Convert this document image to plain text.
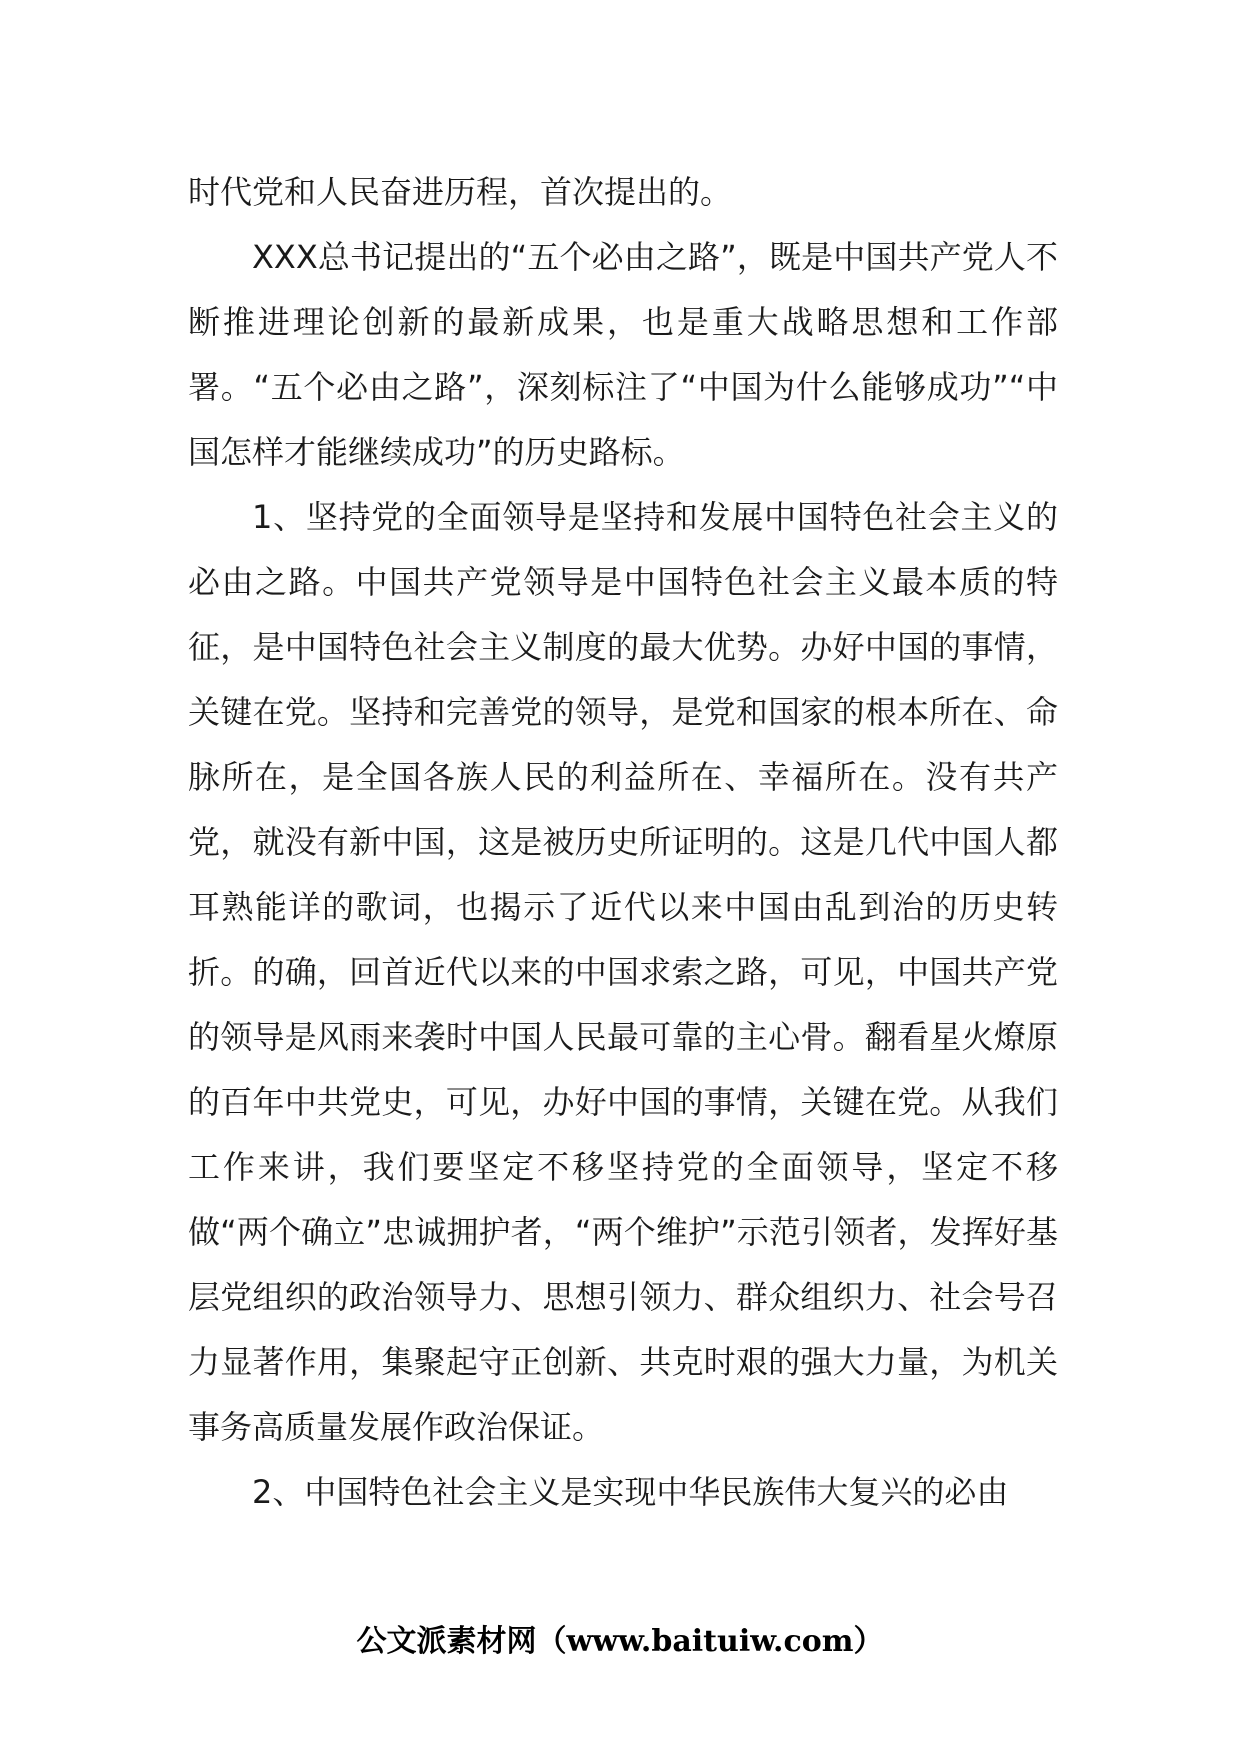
时代党和人民奋进历程，首次提出的。

XXX总书记提出的“五个必由之路”，既是中国共产党人不断推进理论创新的最新成果，也是重大战略思想和工作部署。“五个必由之路”，深刻标注了“中国为什么能够成功”“中国怎样才能继续成功”的历史路标。

1、坚持党的全面领导是坚持和发展中国特色社会主义的必由之路。中国共产党领导是中国特色社会主义最本质的特征，是中国特色社会主义制度的最大优势。办好中国的事情，关键在党。坚持和完善党的领导，是党和国家的根本所在、命脉所在，是全国各族人民的利益所在、幸福所在。没有共产党，就没有新中国，这是被历史所证明的。这是几代中国人都耳熟能详的歌词，也揭示了近代以来中国由乱到治的历史转折。的确，回首近代以来的中国求索之路，可见，中国共产党的领导是风雨来袭时中国人民最可靠的主心骨。翻看星火燎原的百年中共党史，可见，办好中国的事情，关键在党。从我们工作来讲，我们要坚定不移坚持党的全面领导，坚定不移做“两个确立”忠诚拥护者，“两个维护”示范引领者，发挥好基层党组织的政治领导力、思想引领力、群众组织力、社会号召力显著作用，集聚起守正创新、共克时艰的强大力量，为机关事务高质量发展作政治保证。

2、中国特色社会主义是实现中华民族伟大复兴的必由

公文派素材网（www.baituiw.com）
